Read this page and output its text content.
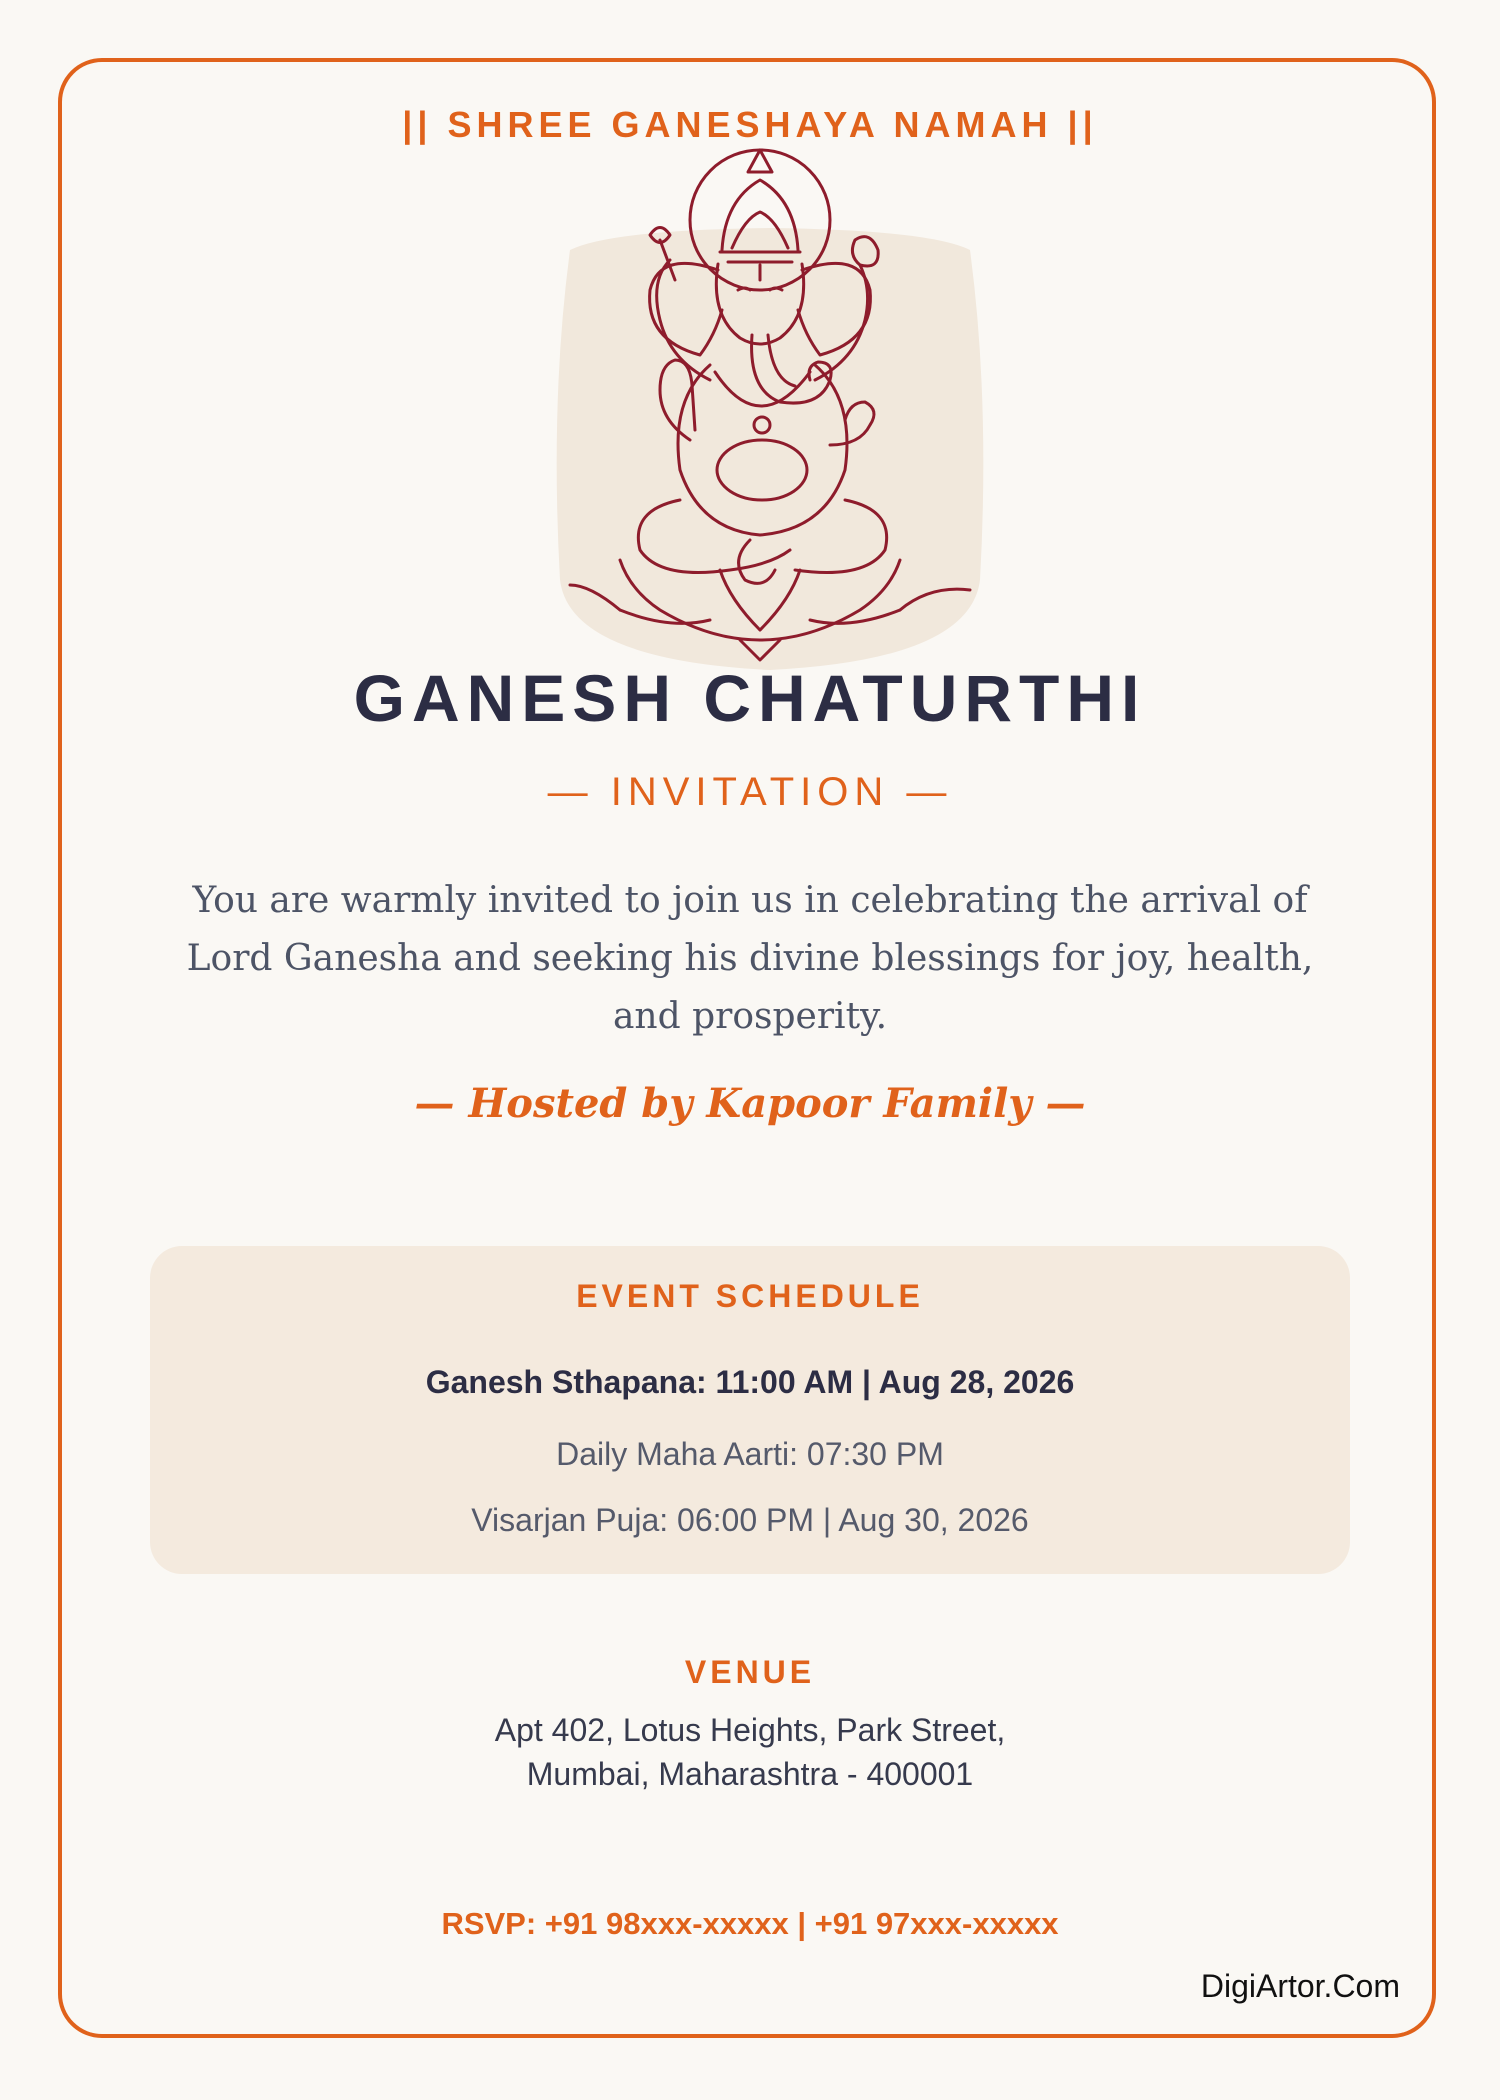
|| SHREE GANESHAYA NAMAH ||
GANESH CHATURTHI
— INVITATION —
You are warmly invited to join us in celebrating the arrival of Lord Ganesha and seeking his divine blessings for joy, health, and prosperity.
— Hosted by Kapoor Family —
EVENT SCHEDULE
Ganesh Sthapana: 11:00 AM | Aug 28, 2026
Daily Maha Aarti: 07:30 PM
Visarjan Puja: 06:00 PM | Aug 30, 2026
VENUE
Apt 402, Lotus Heights, Park Street,
Mumbai, Maharashtra - 400001
RSVP: +91 98xxx-xxxxx | +91 97xxx-xxxxx
DigiArtor.Com
